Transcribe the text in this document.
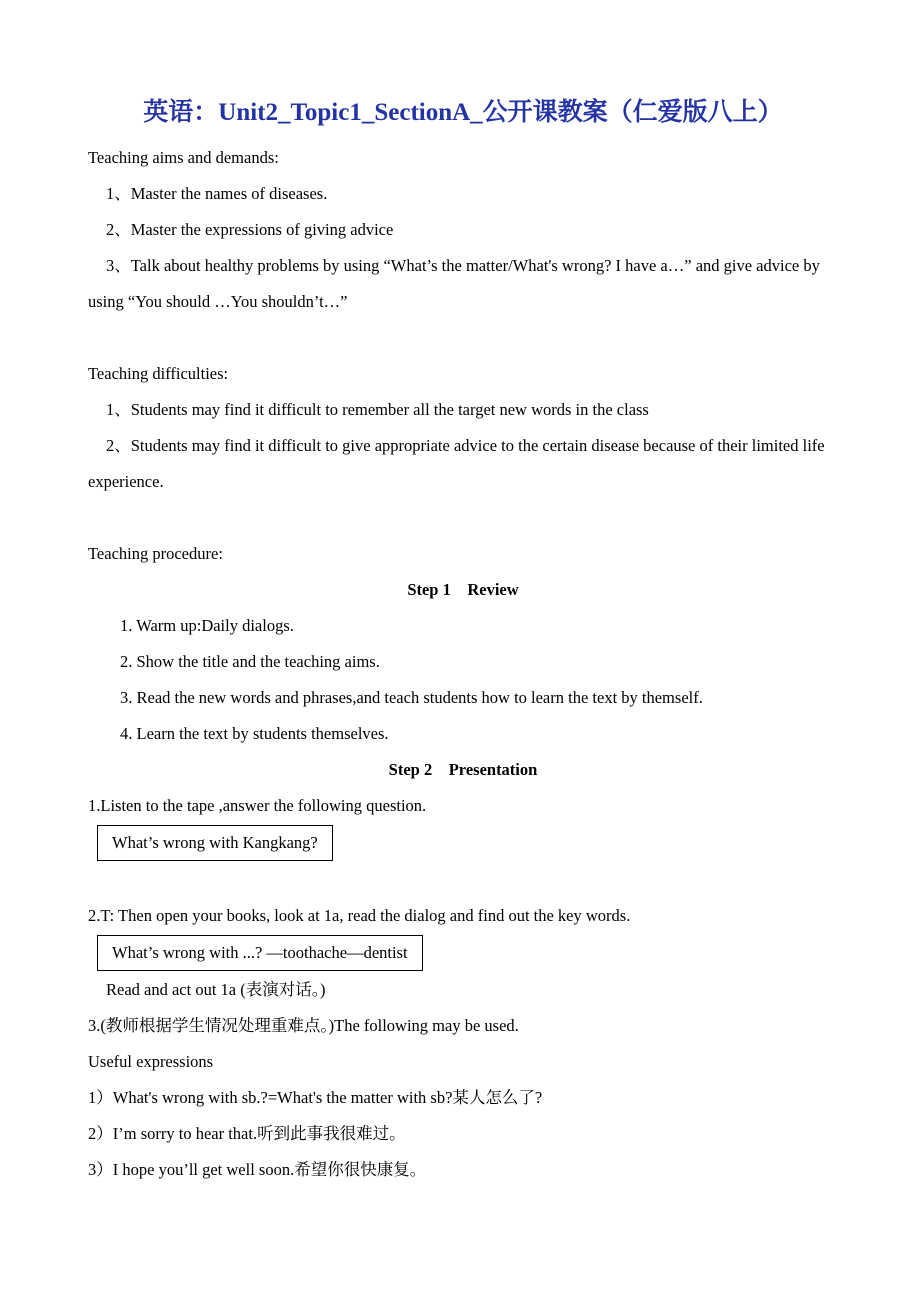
英语：Unit2_Topic1_SectionA_公开课教案（仁爱版八上）

Teaching aims and demands:

1、Master the names of diseases.

2、Master the expressions of giving advice

3、Talk about healthy problems by using “What’s the matter/What's wrong? I have a…” and give advice by using “You should …You shouldn’t…”

Teaching difficulties:

1、Students may find it difficult to remember all the target new words in the class

2、Students may find it difficult to give appropriate advice to the certain disease because of their limited life experience.

Teaching procedure:

Step 1    Review

1. Warm up:Daily dialogs.

2. Show the title and the teaching aims.

3. Read the new words and phrases,and teach students how to learn the text by themself.

4. Learn the text by students themselves.

Step 2    Presentation

1.Listen to the tape ,answer the following question.

What’s wrong with Kangkang?

2.T: Then open your books, look at 1a, read the dialog and find out the key words.

What’s wrong with ...? —toothache—dentist

Read and act out 1a (表演对话。)

3.(教师根据学生情况处理重难点。)The following may be used.

Useful expressions

1）What's wrong with sb.?=What's the matter with sb?某人怎么了?

2）I’m sorry to hear that.听到此事我很难过。

3）I hope you’ll get well soon.希望你很快康复。
